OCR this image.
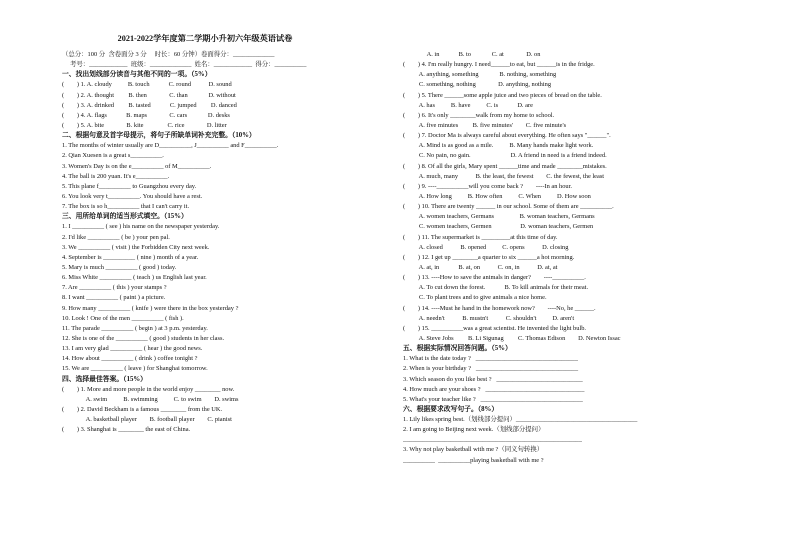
2021-2022学年度第二学期小升初六年级英语试卷
（总分：100 分  含卷面分 3 分     时长：60 分钟）卷面得分：_____________
考号：____________  班级：_____________  姓名：____________  得分：__________
一、找出划线部分读音与其他不同的一项。（5%）
(        ) 1. A. cloudy          B. touch            C. round           D. sound
(        ) 2. A. thought         B. then              C. than             D. without
(        ) 3. A. drinked         B. tasted            C. jumped         D. danced
(        ) 4. A. flags            B. maps              C. cars             D. desks
(        ) 5. A. bite              B. kite               C. rice              D. litter
二、根据句意及首字母提示，将句子所缺单词补充完整。（10%）
1. The months of winter usually are D__________, J__________ and F__________.
2. Qian Xuesen is a great s__________.
3. Women's Day is on the e__________ of M__________.
4. The ball is 200 yuan. It's e__________.
5. This plane f__________ to Guangzhou every day.
6. You look very t__________. You should have a rest.
7. The box is so h__________ that I can't carry it.
三、用所给单词的适当形式填空。（15%）
1. I __________ ( see ) his name on the newspaper yesterday.
2. I'd like __________ ( be ) your pen pal.
3. We __________ ( visit ) the Forbidden City next week.
4. September is __________ ( nine ) month of a year.
5. Mary is much __________ ( good ) today.
6. Miss White __________ ( teach ) us English last year.
7. Are __________ ( this ) your stamps ?
8. I want __________ ( paint ) a picture.
9. How many __________ ( knife ) were there in the box yesterday ?
10. Look ! One of the men __________ ( fish ).
11. The parade __________ ( begin ) at 3 p.m. yesterday.
12. She is one of the __________ ( good ) students in her class.
13. I am very glad __________ ( hear ) the good news.
14. How about __________ ( drink ) coffee tonight ?
15. We are __________ ( leave ) for Shanghai tomorrow.
四、选择最佳答案。（15%）
(        ) 1. More and more people in the world enjoy ________ now.
A. swim          B. swimming          C. to swim        D. swims
(        ) 2. David Beckham is a famous ________ from the UK.
A. basketball player        B. football player        C. pianist
(        ) 3. Shanghai is ________ the east of China.
A. in            B. to             C. at              D. on
(        ) 4. I'm really hungry. I need______to eat, but ______is in the fridge.
A. anything, something             B. nothing, something
C. something, nothing              D. anything, nothing
(        ) 5. There ______some apple juice and two pieces of bread on the table.
A. has          B. have          C. is            D. are
(        ) 6. It's only ________walk from my home to school.
A. five minutes         B. five minutes'        C. five minute's
(        ) 7. Doctor Ma is always careful about everything. He often says "______".
A. Mind is as good as a mile.          B. Many hands make light work.
C. No pain, no gain.                         D. A friend in need is a friend indeed.
(        ) 8. Of all the girls, Mary spent ______time and made ________mistakes.
A. much, many           B. the least, the fewest        C. the fewest, the least
(        ) 9. ----__________will you come back ?        ----In an hour.
A. How long          B. How often          C. When          D. How soon
(        ) 10. There are twenty ______ in our school. Some of them are __________.
A. women teachers, Germans                B. woman teachers, Germans
C. women teachers, Germen                  D. woman teachers, Germen
(        ) 11. The supermarket is _________at this time of day.
A. closed           B. opened          C. opens           D. closing
(        ) 12. I get up ________a quarter to six ______a hot morning.
A. at, in            B. at, on           C. on, in           D. at, at
(        ) 13. ----How to save the animals in danger?        ----__________.
A. To cut down the forest.            B. To kill animals for their meat.
C. To plant trees and to give animals a nice home.
(        ) 14. ----Must he hand in the homework now?        ----No, he ______.
A. needn't           B. mustn't           C. shouldn't          D. aren't
(        ) 15. __________was a great scientist. He invented the light bulb.
A. Steve Jobs         B. Li Sigunag         C. Thomas Edison        D. Newton Issac
五、根据实际情况回答问题。（5%）
1. What is the date today ?   ________________________________
2. When is your birthday ?   ________________________________
3. Which season do you like best ?   ___________________________
4. How much are your shoes ?   _______________________________
5. What's your teacher like ?   ________________________________
六、根据要求改写句子。（8%）
1. Lily likes spring best.（划线部分提问）______________________________________
2. I am going to Beijing next week.（划线部分提问）
________________________________________________________
3. Why not play basketball with me ?（同义句转换）
__________  __________playing basketball with me ?
